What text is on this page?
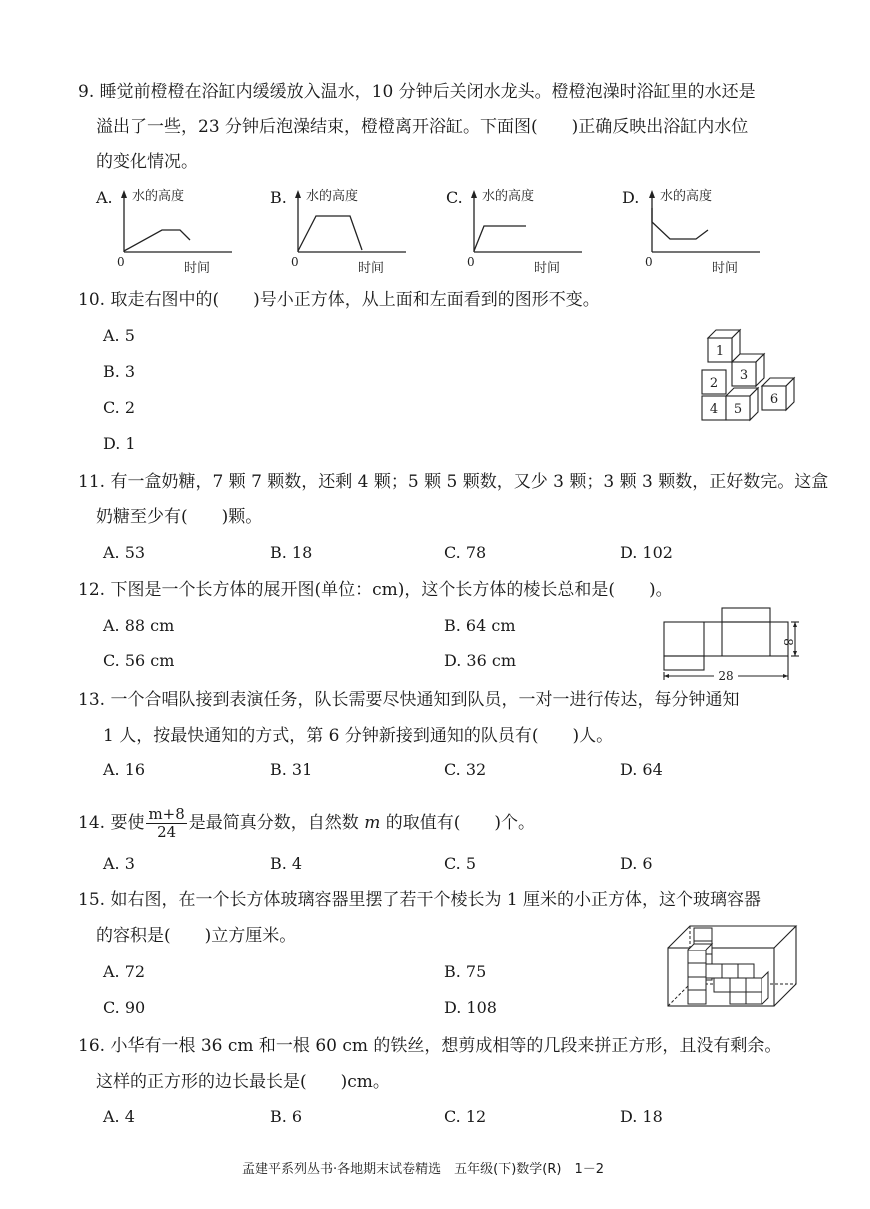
9. 睡觉前橙橙在浴缸内缓缓放入温水，10 分钟后关闭水龙头。橙橙泡澡时浴缸里的水还是
溢出了一些，23 分钟后泡澡结束，橙橙离开浴缸。下面图(　　)正确反映出浴缸内水位
的变化情况。
A. 水的高度
0	时间
B. 水的高度
0	时间
C. 水的高度
0	时间
D. 水的高度
0	时间
10. 取走右图中的(　　)号小正方体，从上面和左面看到的图形不变。
A. 5
B. 3
C. 2
D. 1
1
2
3
4 5
6
11. 有一盒奶糖，7 颗 7 颗数，还剩 4 颗；5 颗 5 颗数，又少 3 颗；3 颗 3 颗数，正好数完。这盒
奶糖至少有(　　)颗。
A. 53	B. 18	C. 78	D. 102
12. 下图是一个长方体的展开图(单位：cm)，这个长方体的棱长总和是(　　)。
A. 88 cm	B. 64 cm
C. 56 cm	D. 36 cm
8
28
13. 一个合唱队接到表演任务，队长需要尽快通知到队员，一对一进行传达，每分钟通知
1 人，按最快通知的方式，第 6 分钟新接到通知的队员有(　　)人。
A. 16	B. 31	C. 32	D. 64
14. 要使 $\frac{m+8}{24}$ 是最简真分数，自然数 m 的取值有(　　)个。
A. 3	B. 4	C. 5	D. 6
15. 如右图，在一个长方体玻璃容器里摆了若干个棱长为 1 厘米的小正方体，这个玻璃容器
的容积是(　　)立方厘米。
A. 72	B. 75
C. 90	D. 108
16. 小华有一根 36 cm 和一根 60 cm 的铁丝，想剪成相等的几段来拼正方形，且没有剩余。
这样的正方形的边长最长是(　　)cm。
A. 4	B. 6	C. 12	D. 18
孟建平系列丛书·各地期末试卷精选　五年级(下)数学(R)　1－2
